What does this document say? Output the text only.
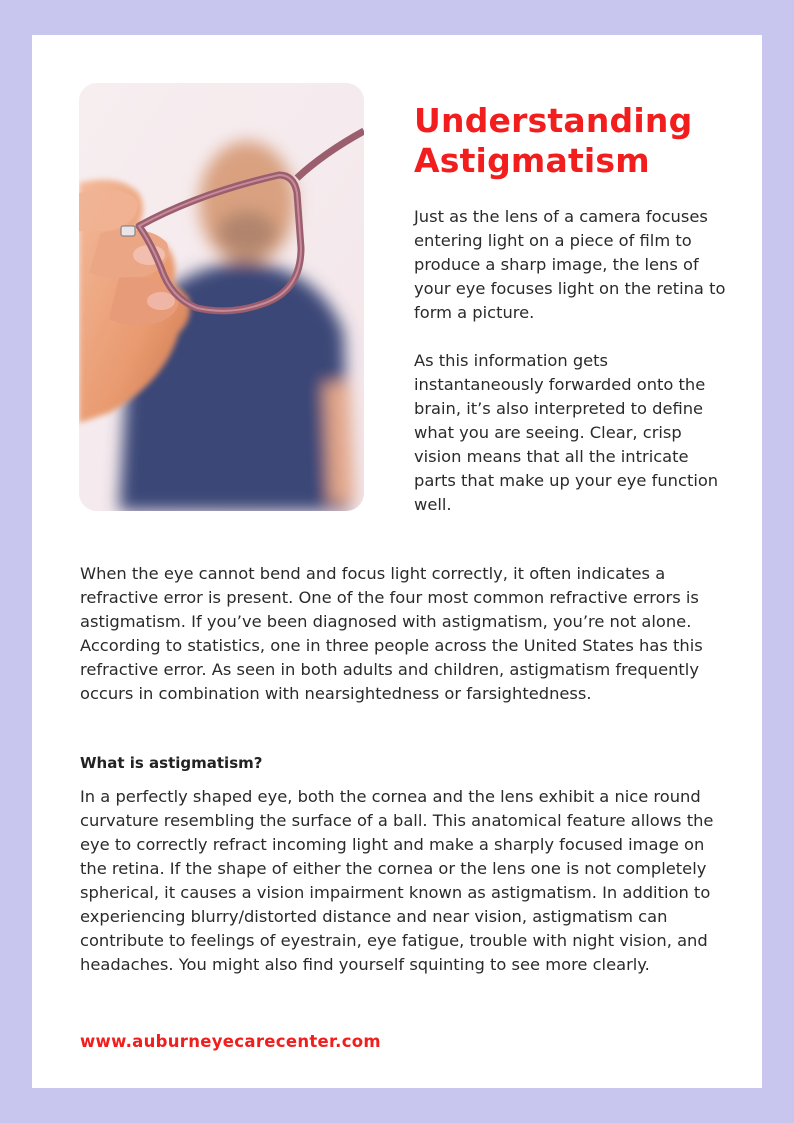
Understanding Astigmatism

Just as the lens of a camera focuses entering light on a piece of film to produce a sharp image, the lens of your eye focuses light on the retina to form a picture.

As this information gets instantaneously forwarded onto the brain, it’s also interpreted to define what you are seeing. Clear, crisp vision means that all the intricate parts that make up your eye function well.

When the eye cannot bend and focus light correctly, it often indicates a refractive error is present. One of the four most common refractive errors is astigmatism. If you’ve been diagnosed with astigmatism, you’re not alone. According to statistics, one in three people across the United States has this refractive error. As seen in both adults and children, astigmatism frequently occurs in combination with nearsightedness or farsightedness.

What is astigmatism?

In a perfectly shaped eye, both the cornea and the lens exhibit a nice round curvature resembling the surface of a ball. This anatomical feature allows the eye to correctly refract incoming light and make a sharply focused image on the retina. If the shape of either the cornea or the lens one is not completely spherical, it causes a vision impairment known as astigmatism. In addition to experiencing blurry/distorted distance and near vision, astigmatism can contribute to feelings of eyestrain, eye fatigue, trouble with night vision, and headaches. You might also find yourself squinting to see more clearly.

www.auburneyecarecenter.com
